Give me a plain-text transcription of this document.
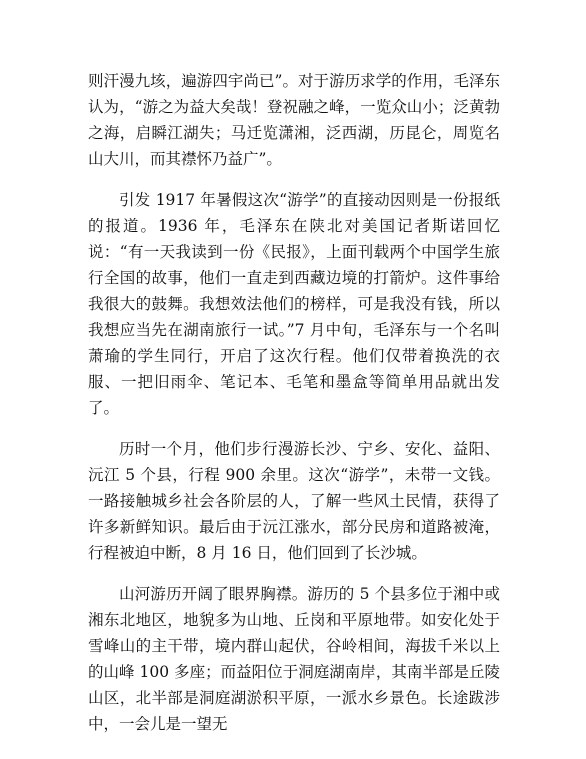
则汗漫九垓，遍游四宇尚已”。对于游历求学的作用，毛泽东认为，“游之为益大矣哉！登祝融之峰，一览众山小；泛黄勃之海，启瞬江湖失；马迁览潇湘，泛西湖，历昆仑，周览名山大川，而其襟怀乃益广”。

引发 1917 年暑假这次“游学”的直接动因则是一份报纸的报道。1936 年，毛泽东在陕北对美国记者斯诺回忆说：“有一天我读到一份《民报》，上面刊载两个中国学生旅行全国的故事，他们一直走到西藏边境的打箭炉。这件事给我很大的鼓舞。我想效法他们的榜样，可是我没有钱，所以我想应当先在湖南旅行一试。”7 月中旬，毛泽东与一个名叫萧瑜的学生同行，开启了这次行程。他们仅带着换洗的衣服、一把旧雨伞、笔记本、毛笔和墨盒等简单用品就出发了。

历时一个月，他们步行漫游长沙、宁乡、安化、益阳、沅江 5 个县，行程 900 余里。这次“游学”，未带一文钱。一路接触城乡社会各阶层的人，了解一些风土民情，获得了许多新鲜知识。最后由于沅江涨水，部分民房和道路被淹，行程被迫中断，8 月 16 日，他们回到了长沙城。

山河游历开阔了眼界胸襟。游历的 5 个县多位于湘中或湘东北地区，地貌多为山地、丘岗和平原地带。如安化处于雪峰山的主干带，境内群山起伏，谷岭相间，海拔千米以上的山峰 100 多座；而益阳位于洞庭湖南岸，其南半部是丘陵山区，北半部是洞庭湖淤积平原，一派水乡景色。长途跋涉中，一会儿是一望无
